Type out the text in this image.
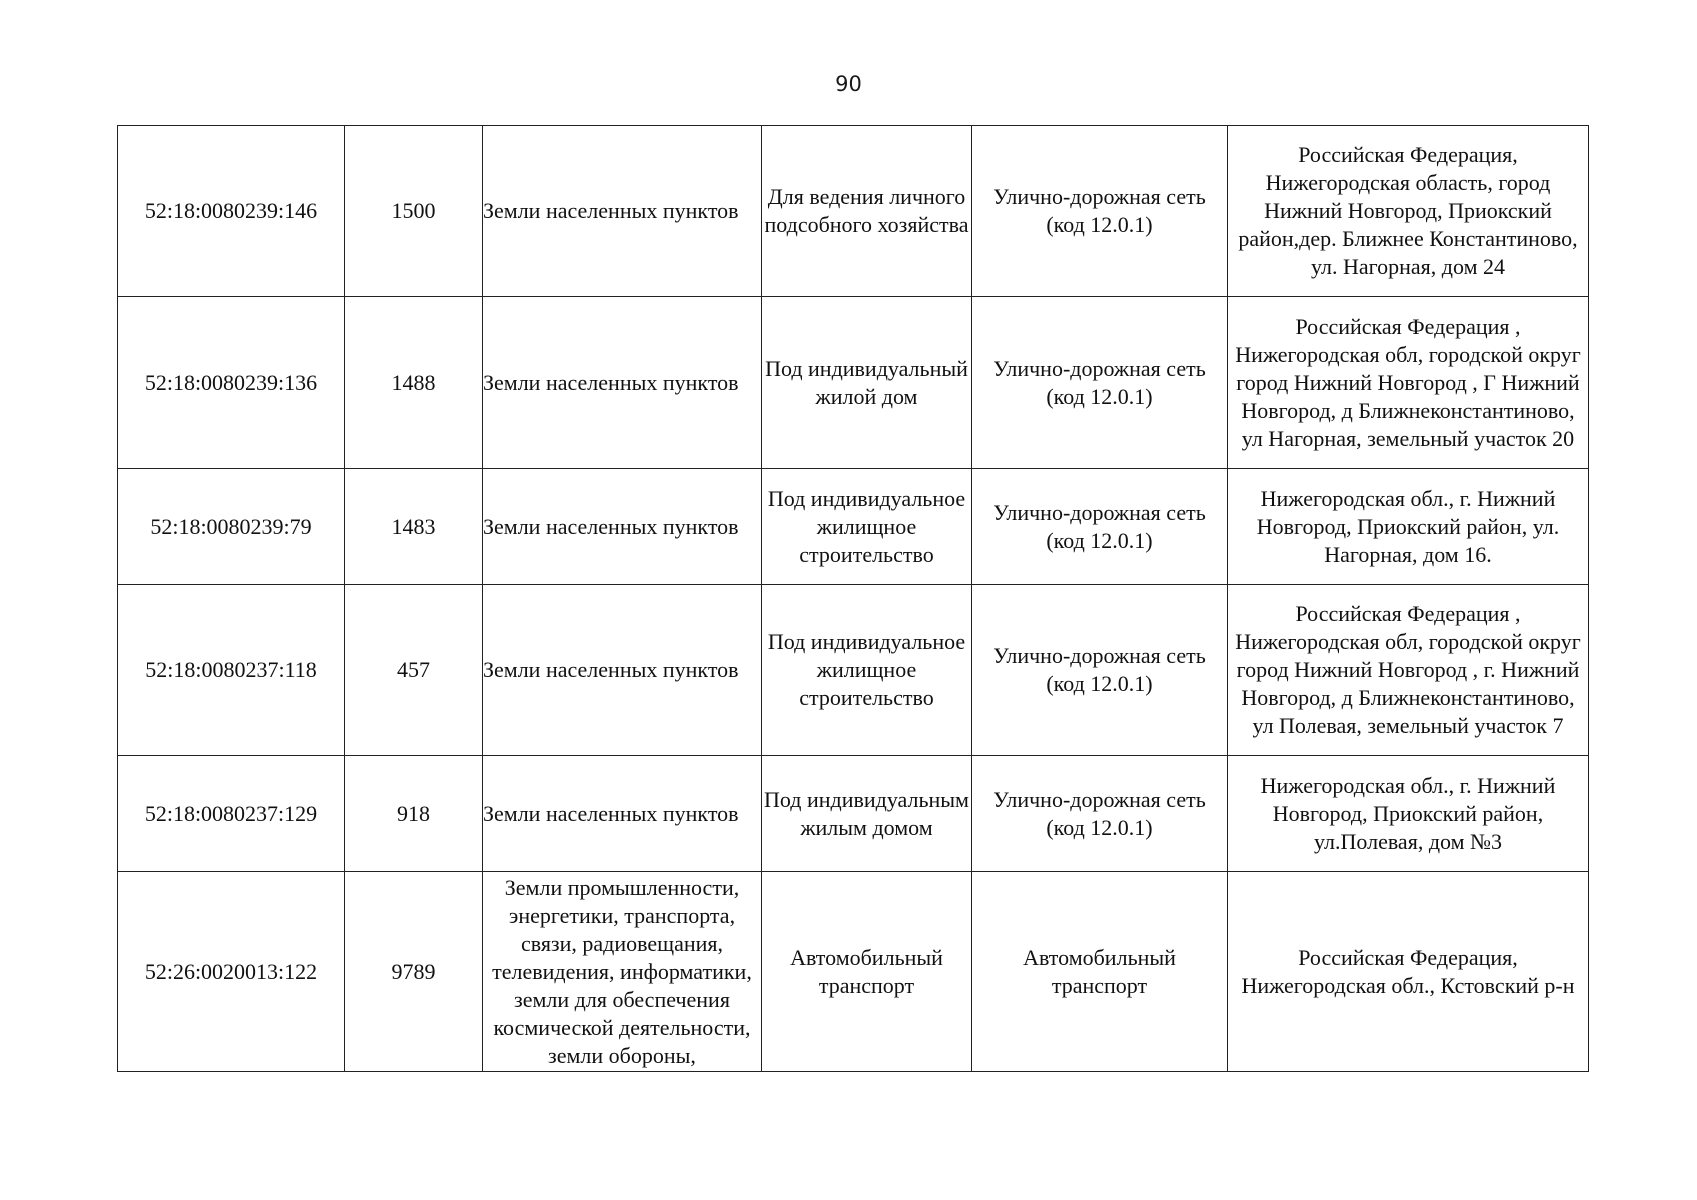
90
52:18:0080239:146	1500	Земли населенных пунктов	Для ведения личного подсобного хозяйства	Улично-дорожная сеть (код 12.0.1)	Российская Федерация, Нижегородская область, город Нижний Новгород, Приокский район,дер. Ближнее Константиново, ул. Нагорная, дом 24
52:18:0080239:136	1488	Земли населенных пунктов	Под индивидуальный жилой дом	Улично-дорожная сеть (код 12.0.1)	Российская Федерация , Нижегородская обл, городской округ город Нижний Новгород , Г Нижний Новгород, д Ближнеконстантиново, ул Нагорная, земельный участок 20
52:18:0080239:79	1483	Земли населенных пунктов	Под индивидуальное жилищное строительство	Улично-дорожная сеть (код 12.0.1)	Нижегородская обл., г. Нижний Новгород, Приокский район, ул. Нагорная, дом 16.
52:18:0080237:118	457	Земли населенных пунктов	Под индивидуальное жилищное строительство	Улично-дорожная сеть (код 12.0.1)	Российская Федерация , Нижегородская обл, городской округ город Нижний Новгород , г. Нижний Новгород, д Ближнеконстантиново, ул Полевая, земельный участок 7
52:18:0080237:129	918	Земли населенных пунктов	Под индивидуальным жилым домом	Улично-дорожная сеть (код 12.0.1)	Нижегородская обл., г. Нижний Новгород, Приокский район, ул.Полевая, дом №3
52:26:0020013:122	9789	Земли промышленности, энергетики, транспорта, связи, радиовещания, телевидения, информатики, земли для обеспечения космической деятельности, земли обороны,	Автомобильный транспорт	Автомобильный транспорт	Российская Федерация, Нижегородская обл., Кстовский р-н
